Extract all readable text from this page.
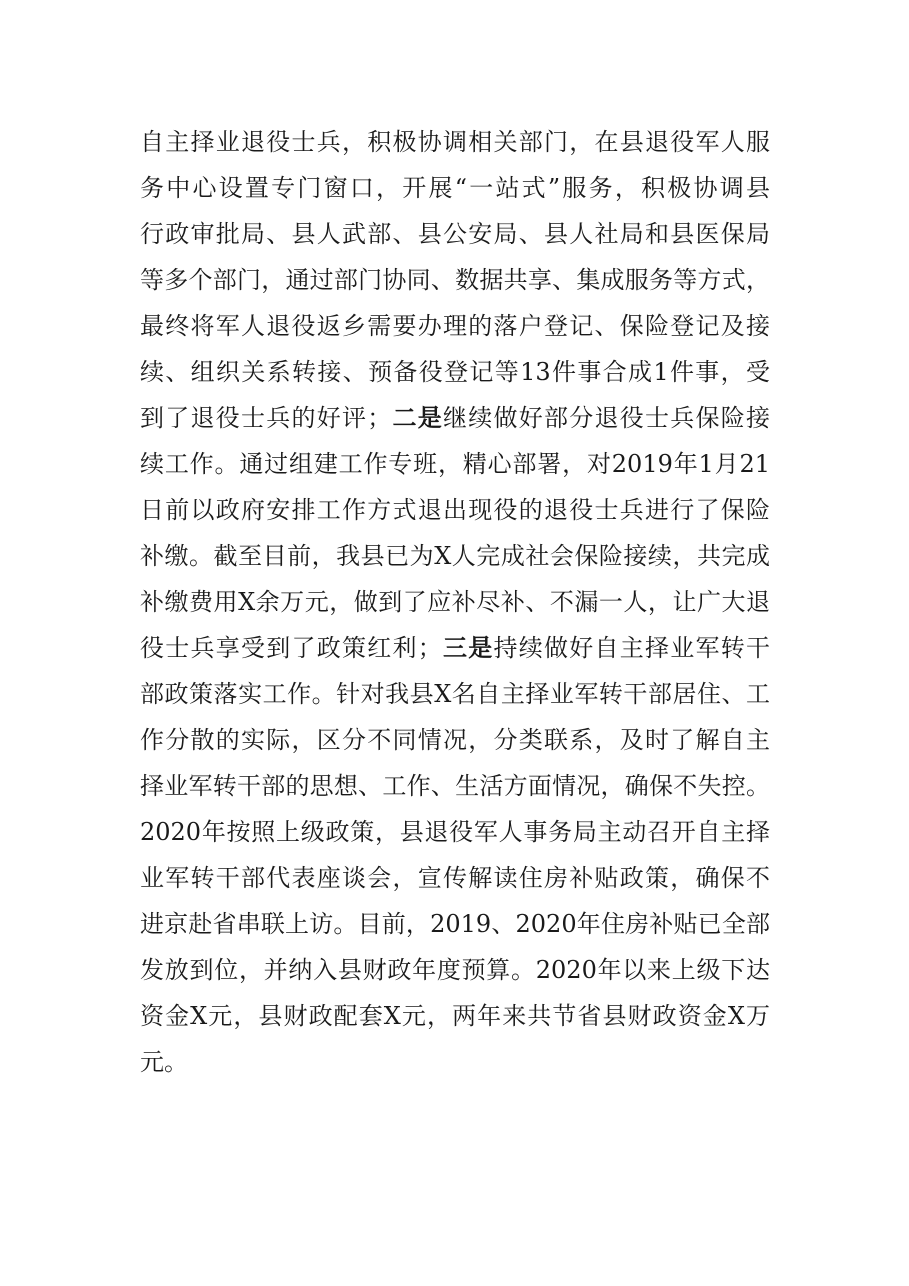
自主择业退役士兵，积极协调相关部门，在县退役军人服
务中心设置专门窗口，开展“一站式”服务，积极协调县
行政审批局、县人武部、县公安局、县人社局和县医保局
等多个部门，通过部门协同、数据共享、集成服务等方式，
最终将军人退役返乡需要办理的落户登记、保险登记及接
续、组织关系转接、预备役登记等13件事合成1件事，受
到了退役士兵的好评；二是继续做好部分退役士兵保险接
续工作。通过组建工作专班，精心部署，对2019年1月21
日前以政府安排工作方式退出现役的退役士兵进行了保险
补缴。截至目前，我县已为X人完成社会保险接续，共完成
补缴费用X余万元，做到了应补尽补、不漏一人，让广大退
役士兵享受到了政策红利；三是持续做好自主择业军转干
部政策落实工作。针对我县X名自主择业军转干部居住、工
作分散的实际，区分不同情况，分类联系，及时了解自主
择业军转干部的思想、工作、生活方面情况，确保不失控。
2020年按照上级政策，县退役军人事务局主动召开自主择
业军转干部代表座谈会，宣传解读住房补贴政策，确保不
进京赴省串联上访。目前，2019、2020年住房补贴已全部
发放到位，并纳入县财政年度预算。2020年以来上级下达
资金X元，县财政配套X元，两年来共节省县财政资金X万
元。
